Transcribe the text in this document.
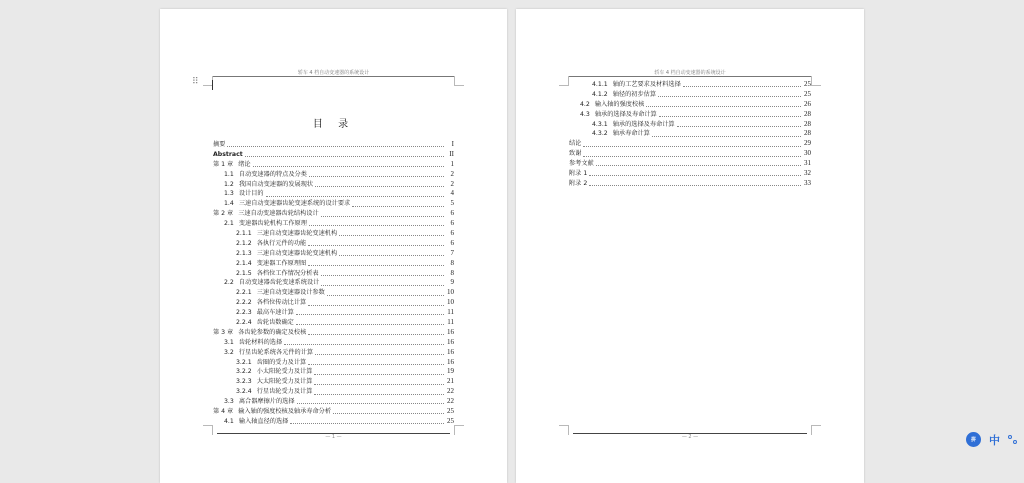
轿车 4 档自动变速器的系统设计
⠿
目 录
摘要	I
Abstract	II
第 1 章 绪论	1
1.1 自动变速器的特点及分类	2
1.2 我国自动变速器的发展现状	2
1.3 设计目的	4
1.4 三速自动变速器齿轮变速系统的设计要求	5
第 2 章 三速自动变速器齿轮结构设计	6
2.1 变速器齿轮机构工作原理	6
2.1.1 三速自动变速器齿轮变速机构	6
2.1.2 各执行元件的功能	6
2.1.3 三速自动变速器齿轮变速机构	7
2.1.4 变速器工作原理图	8
2.1.5 各档位工作情况分析表	8
2.2 自动变速器齿轮变速系统设计	9
2.2.1 三速自动变速器设计参数	10
2.2.2 各档位传动比计算	10
2.2.3 最高车速计算	11
2.2.4 齿轮齿数确定	11
第 3 章 各齿轮参数的确定及校核	16
3.1 齿轮材料的选择	16
3.2 行星齿轮系统各元件的计算	16
3.2.1 齿圈的受力及计算	16
3.2.2 小太阳轮受力及计算	19
3.2.3 大太阳轮受力及计算	21
3.2.4 行星齿轮受力及计算	22
3.3 离合器摩擦片的选择	22
第 4 章 输入轴的强度校核及轴承寿命分析	25
4.1 输入轴直径的选择	25
— 1 —
轿车 4 档自动变速器的系统设计
4.1.1 轴的工艺要求及材料选择	25
4.1.2 轴径的初步估算	25
4.2 输入轴的强度校核	26
4.3 轴承的选择及寿命计算	28
4.3.1 轴承的选择及寿命计算	28
4.3.2 轴承寿命计算	28
结论	29
致谢	30
参考文献	31
附录 1	32
附录 2	33
— 2 —	拼	中
